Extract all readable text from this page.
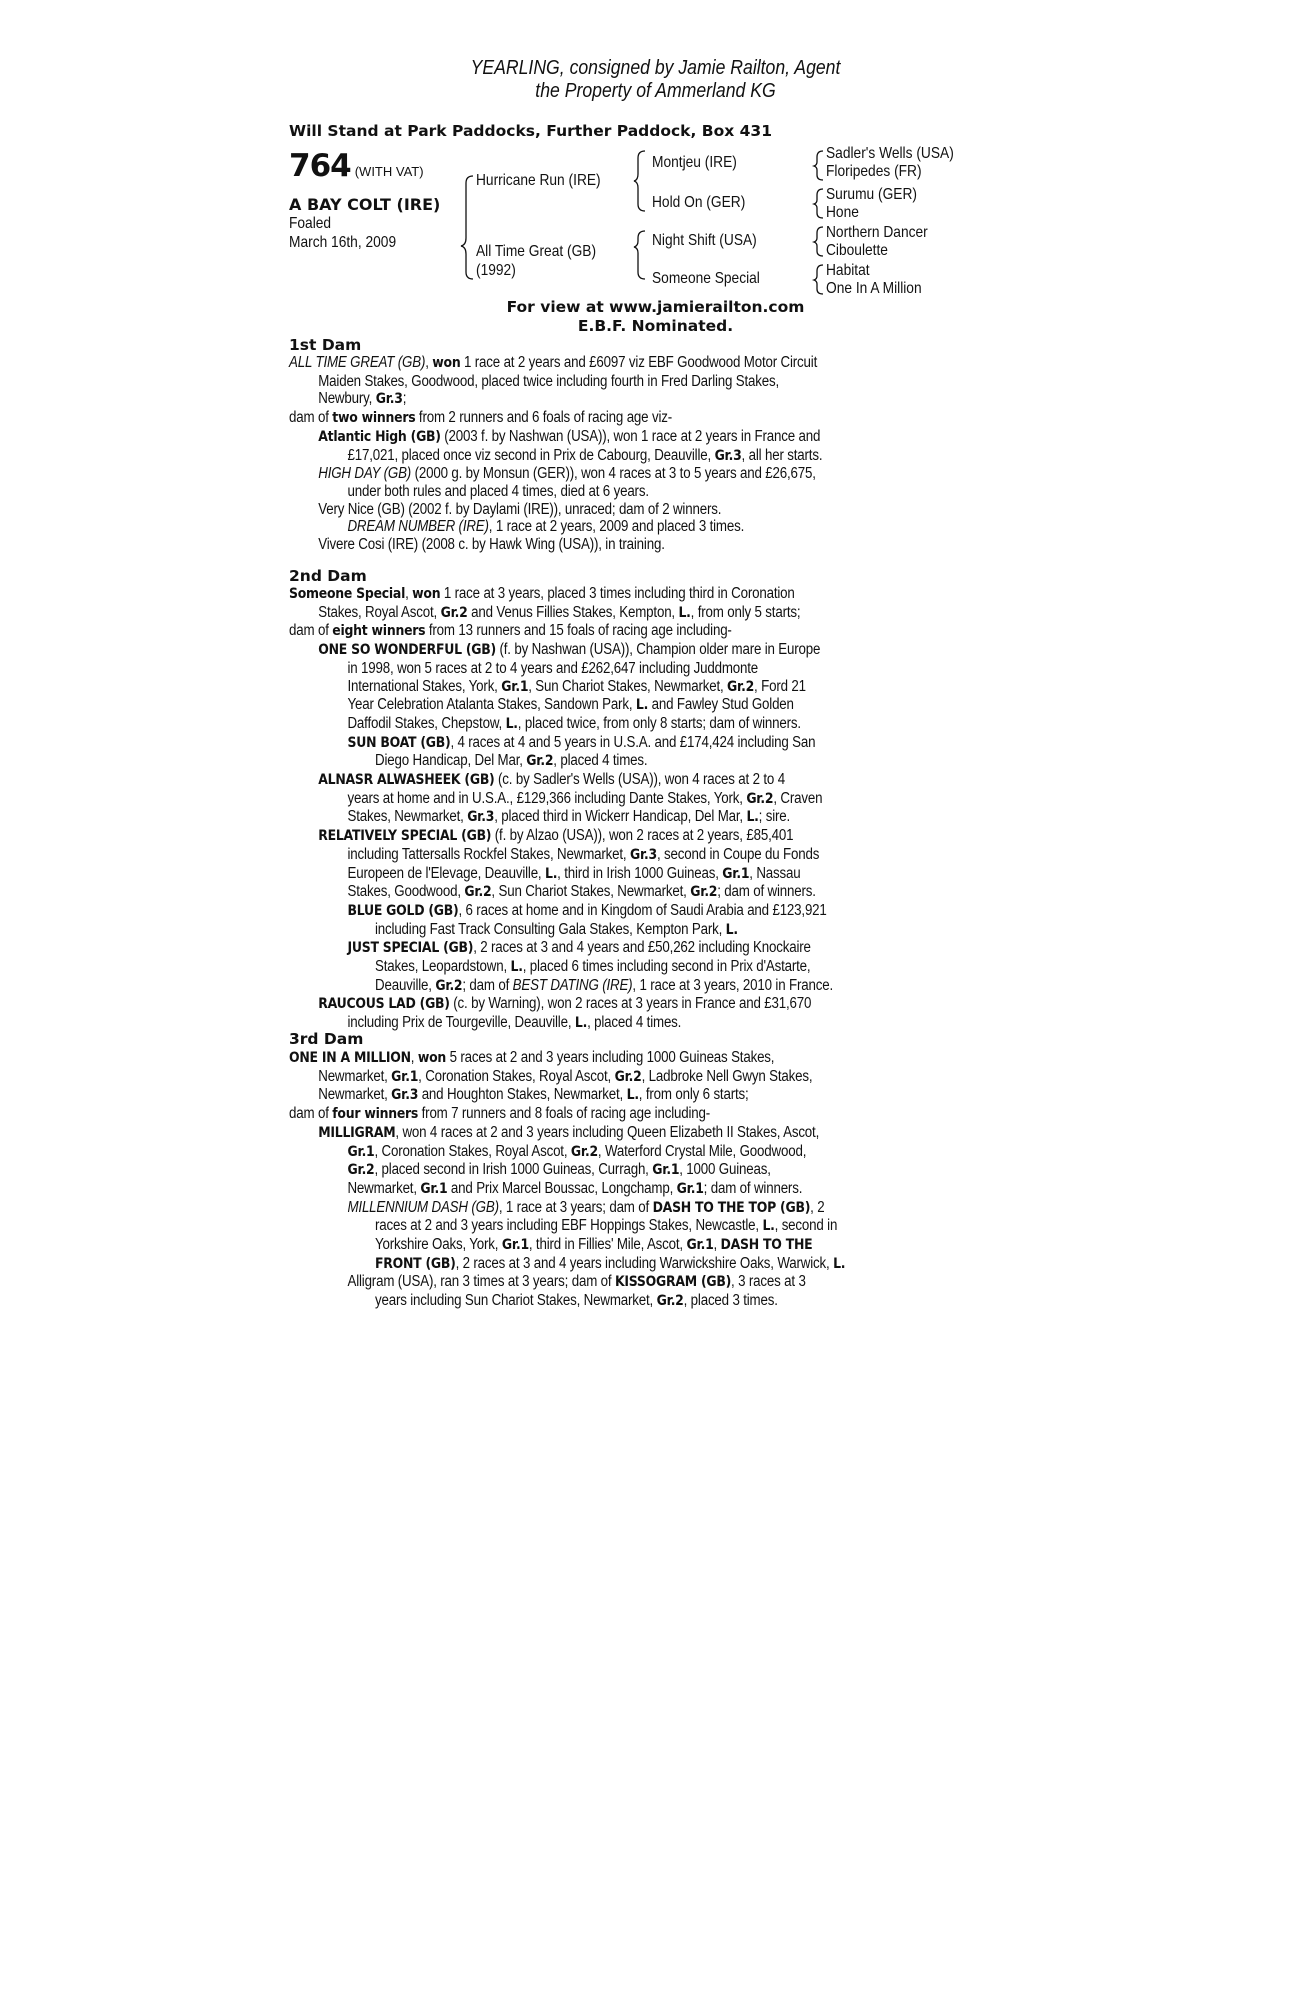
YEARLING, consigned by Jamie Railton, Agent
the Property of Ammerland KG
Will Stand at Park Paddocks, Further Paddock, Box 431
764 (WITH VAT)
A BAY COLT (IRE)
Foaled
March 16th, 2009
Hurricane Run (IRE)
All Time Great (GB)
(1992)
Montjeu (IRE)
Hold On (GER)
Night Shift (USA)
Someone Special
Sadler's Wells (USA)
Floripedes (FR)
Surumu (GER)
Hone
Northern Dancer
Ciboulette
Habitat
One In A Million
For view at www.jamierailton.com
E.B.F. Nominated.
1st Dam
ALL TIME GREAT (GB), won 1 race at 2 years and £6097 viz EBF Goodwood Motor Circuit
Maiden Stakes, Goodwood, placed twice including fourth in Fred Darling Stakes,
Newbury, Gr.3;
dam of two winners from 2 runners and 6 foals of racing age viz-
Atlantic High (GB) (2003 f. by Nashwan (USA)), won 1 race at 2 years in France and
£17,021, placed once viz second in Prix de Cabourg, Deauville, Gr.3, all her starts.
HIGH DAY (GB) (2000 g. by Monsun (GER)), won 4 races at 3 to 5 years and £26,675,
under both rules and placed 4 times, died at 6 years.
Very Nice (GB) (2002 f. by Daylami (IRE)), unraced; dam of 2 winners.
DREAM NUMBER (IRE), 1 race at 2 years, 2009 and placed 3 times.
Vivere Cosi (IRE) (2008 c. by Hawk Wing (USA)), in training.
2nd Dam
Someone Special, won 1 race at 3 years, placed 3 times including third in Coronation
Stakes, Royal Ascot, Gr.2 and Venus Fillies Stakes, Kempton, L., from only 5 starts;
dam of eight winners from 13 runners and 15 foals of racing age including-
ONE SO WONDERFUL (GB) (f. by Nashwan (USA)), Champion older mare in Europe
in 1998, won 5 races at 2 to 4 years and £262,647 including Juddmonte
International Stakes, York, Gr.1, Sun Chariot Stakes, Newmarket, Gr.2, Ford 21
Year Celebration Atalanta Stakes, Sandown Park, L. and Fawley Stud Golden
Daffodil Stakes, Chepstow, L., placed twice, from only 8 starts; dam of winners.
SUN BOAT (GB), 4 races at 4 and 5 years in U.S.A. and £174,424 including San
Diego Handicap, Del Mar, Gr.2, placed 4 times.
ALNASR ALWASHEEK (GB) (c. by Sadler's Wells (USA)), won 4 races at 2 to 4
years at home and in U.S.A., £129,366 including Dante Stakes, York, Gr.2, Craven
Stakes, Newmarket, Gr.3, placed third in Wickerr Handicap, Del Mar, L.; sire.
RELATIVELY SPECIAL (GB) (f. by Alzao (USA)), won 2 races at 2 years, £85,401
including Tattersalls Rockfel Stakes, Newmarket, Gr.3, second in Coupe du Fonds
Europeen de l'Elevage, Deauville, L., third in Irish 1000 Guineas, Gr.1, Nassau
Stakes, Goodwood, Gr.2, Sun Chariot Stakes, Newmarket, Gr.2; dam of winners.
BLUE GOLD (GB), 6 races at home and in Kingdom of Saudi Arabia and £123,921
including Fast Track Consulting Gala Stakes, Kempton Park, L.
JUST SPECIAL (GB), 2 races at 3 and 4 years and £50,262 including Knockaire
Stakes, Leopardstown, L., placed 6 times including second in Prix d'Astarte,
Deauville, Gr.2; dam of BEST DATING (IRE), 1 race at 3 years, 2010 in France.
RAUCOUS LAD (GB) (c. by Warning), won 2 races at 3 years in France and £31,670
including Prix de Tourgeville, Deauville, L., placed 4 times.
3rd Dam
ONE IN A MILLION, won 5 races at 2 and 3 years including 1000 Guineas Stakes,
Newmarket, Gr.1, Coronation Stakes, Royal Ascot, Gr.2, Ladbroke Nell Gwyn Stakes,
Newmarket, Gr.3 and Houghton Stakes, Newmarket, L., from only 6 starts;
dam of four winners from 7 runners and 8 foals of racing age including-
MILLIGRAM, won 4 races at 2 and 3 years including Queen Elizabeth II Stakes, Ascot,
Gr.1, Coronation Stakes, Royal Ascot, Gr.2, Waterford Crystal Mile, Goodwood,
Gr.2, placed second in Irish 1000 Guineas, Curragh, Gr.1, 1000 Guineas,
Newmarket, Gr.1 and Prix Marcel Boussac, Longchamp, Gr.1; dam of winners.
MILLENNIUM DASH (GB), 1 race at 3 years; dam of DASH TO THE TOP (GB), 2
races at 2 and 3 years including EBF Hoppings Stakes, Newcastle, L., second in
Yorkshire Oaks, York, Gr.1, third in Fillies' Mile, Ascot, Gr.1, DASH TO THE
FRONT (GB), 2 races at 3 and 4 years including Warwickshire Oaks, Warwick, L.
Alligram (USA), ran 3 times at 3 years; dam of KISSOGRAM (GB), 3 races at 3
years including Sun Chariot Stakes, Newmarket, Gr.2, placed 3 times.
